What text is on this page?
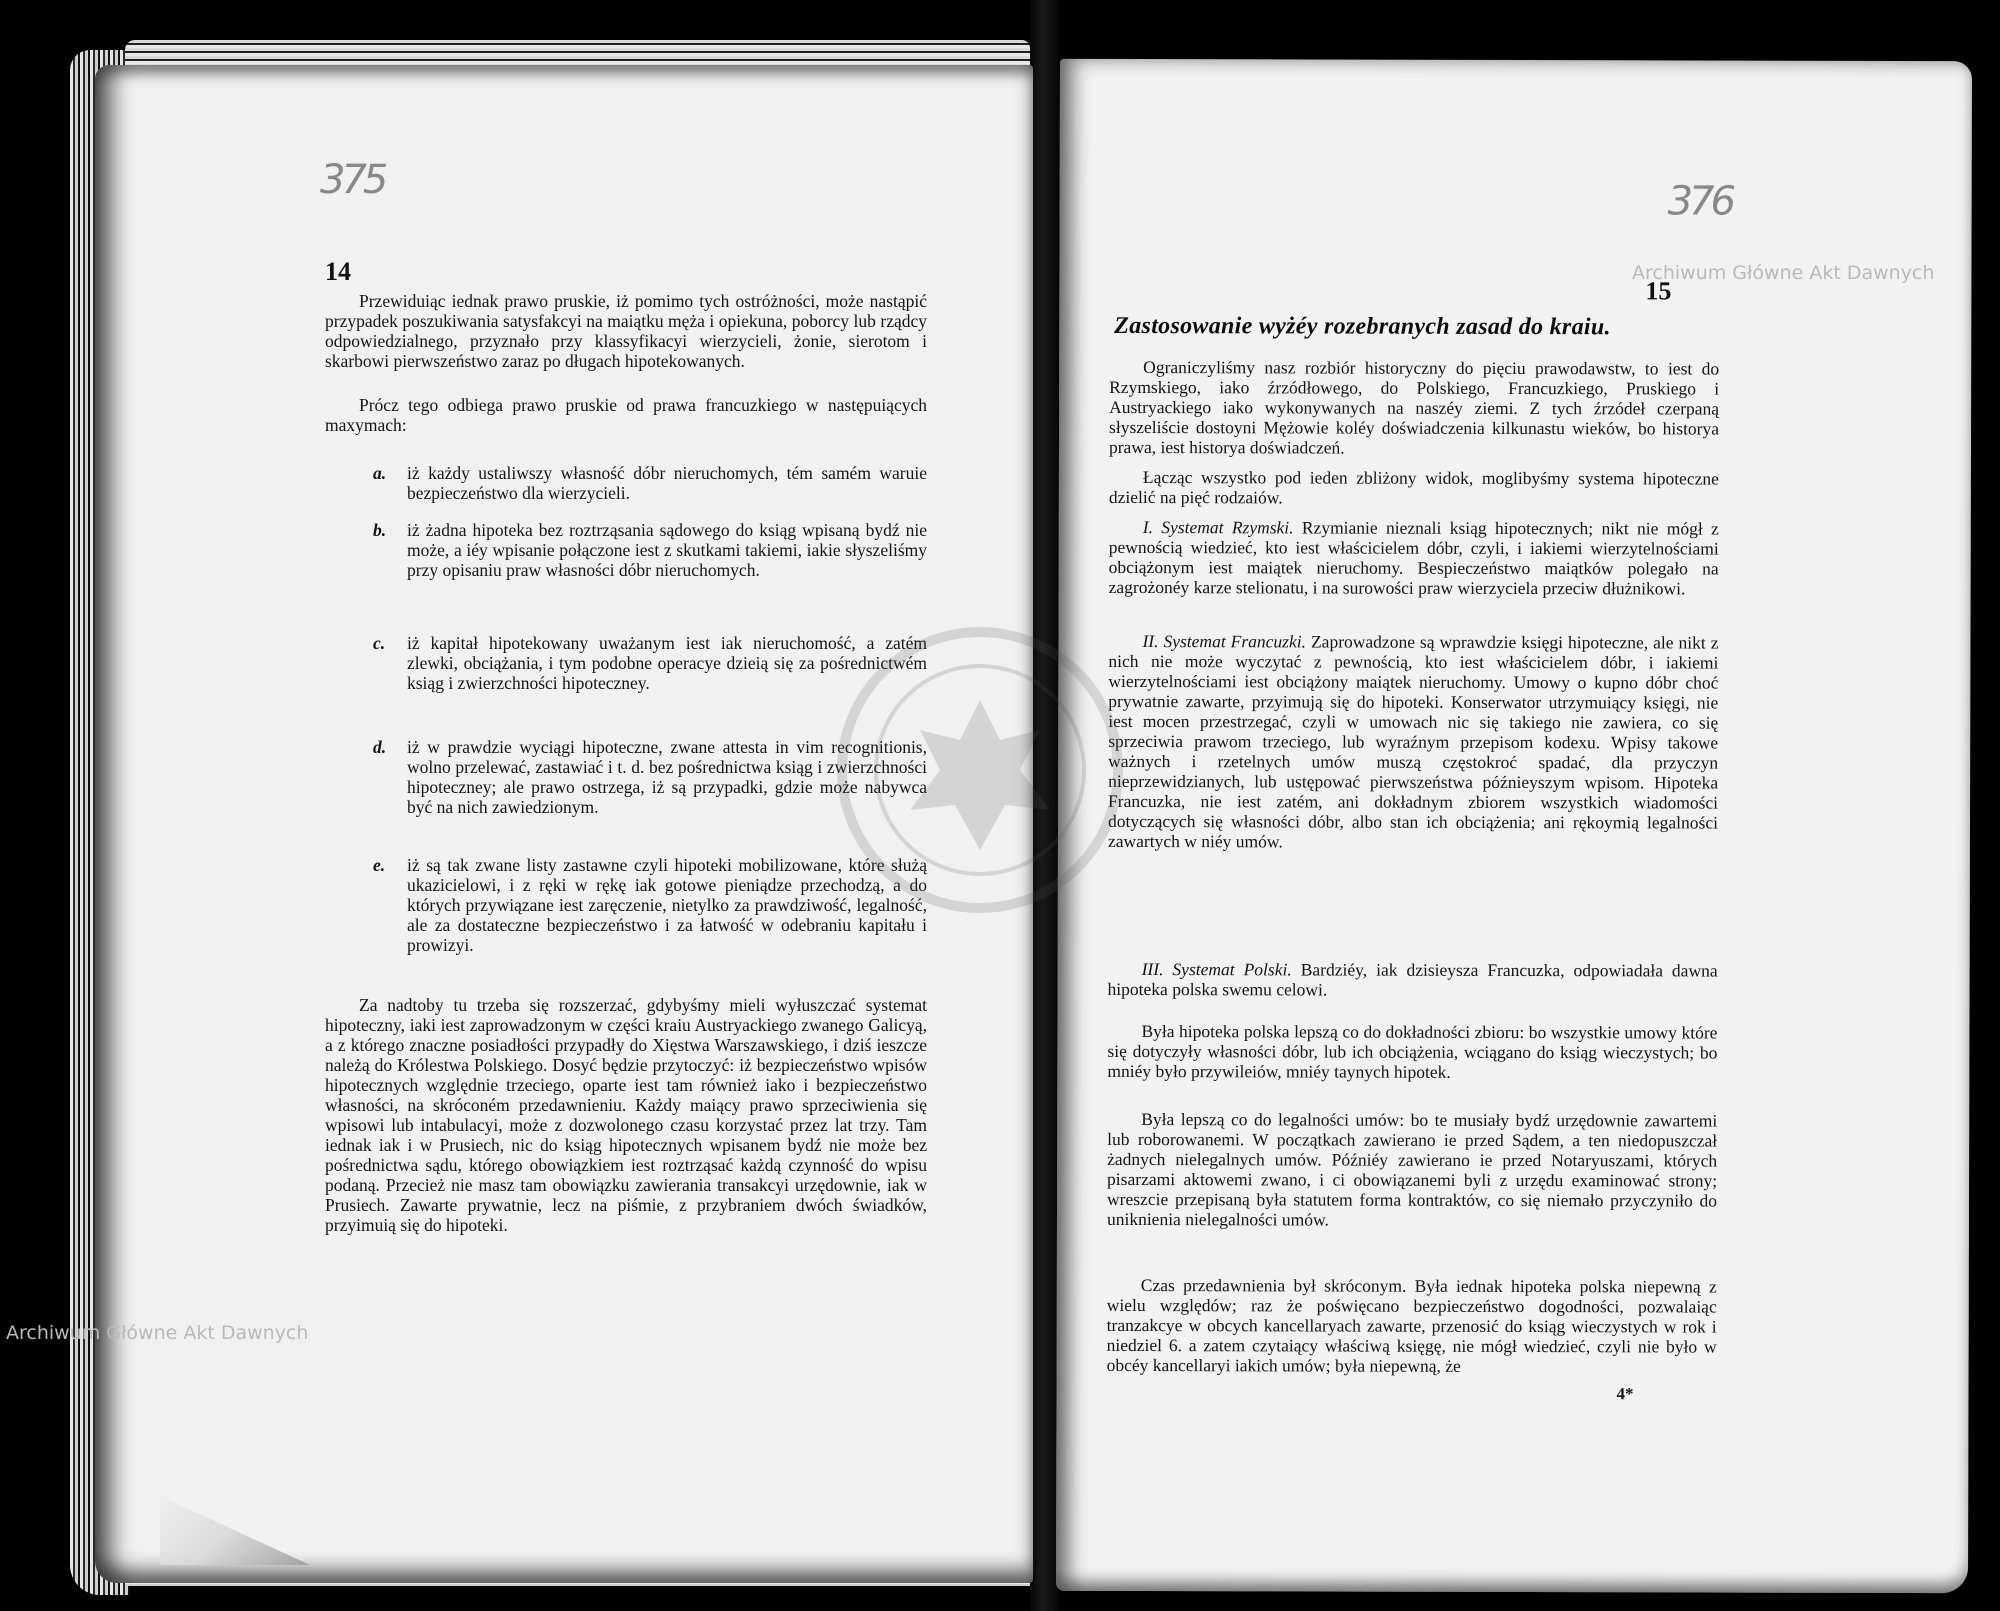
375
14

Przewiduiąc iednak prawo pruskie, iż pomimo tych ostróżności, może nastąpić przypadek poszukiwania satysfakcyi na maiątku męża i opiekuna, poborcy lub rządcy odpowiedzialnego, przyznało przy klassyfikacyi wierzycieli, żonie, sierotom i skarbowi pierwszeństwo zaraz po długach hipotekowanych.

Prócz tego odbiega prawo pruskie od prawa francuzkiego w następuiących maxymach:

a. iż każdy ustaliwszy własność dóbr nieruchomych, tém samém waruie bezpieczeństwo dla wierzycieli.
b. iż żadna hipoteka bez roztrząsania sądowego do ksiąg wpisaną bydź nie może, a iéy wpisanie połączone iest z skutkami takiemi, iakie słyszeliśmy przy opisaniu praw własności dóbr nieruchomych.
c. iż kapitał hipotekowany uważanym iest iak nieruchomość, a zatém zlewki, obciążania, i tym podobne operacye dzieią się za pośrednictwém ksiąg i zwierzchności hipoteczney.
d. iż w prawdzie wyciągi hipoteczne, zwane attesta in vim recognitionis, wolno przelewać, zastawiać i t. d. bez pośrednictwa ksiąg i zwierzchności hipoteczney; ale prawo ostrzega, iż są przypadki, gdzie może nabywca być na nich zawiedzionym.
e. iż są tak zwane listy zastawne czyli hipoteki mobilizowane, które służą ukazicielowi, i z ręki w rękę iak gotowe pieniądze przechodzą, a do których przywiązane iest zaręczenie, nietylko za prawdziwość, legalność, ale za dostateczne bezpieczeństwo i za łatwość w odebraniu kapitału i prowizyi.

Za nadtoby tu trzeba się rozszerzać, gdybyśmy mieli wyłuszczać systemat hipoteczny, iaki iest zaprowadzonym w części kraiu Austryackiego zwanego Galicyą, a z którego znaczne posiadłości przypadły do Xięstwa Warszawskiego, i dziś ieszcze należą do Królestwa Polskiego. Dosyć będzie przytoczyć: iż bezpieczeństwo wpisów hipotecznych względnie trzeciego, oparte iest tam również iako i bezpieczeństwo własności, na skróconém przedawnieniu. Każdy maiący prawo sprzeciwienia się wpisowi lub intabulacyi, może z dozwolonego czasu korzystać przez lat trzy. Tam iednak iak i w Prusiech, nic do ksiąg hipotecznych wpisanem bydź nie może bez pośrednictwa sądu, którego obowiązkiem iest roztrząsać każdą czynność do wpisu podaną. Przecież nie masz tam obowiązku zawierania transakcyi urzędownie, iak w Prusiech. Zawarte prywatnie, lecz na piśmie, z przybraniem dwóch świadków, przyimuią się do hipoteki.

376
15
Zastosowanie wyżéy rozebranych zasad do kraiu.

Ograniczyliśmy nasz rozbiór historyczny do pięciu prawodawstw, to iest do Rzymskiego, iako źrzódłowego, do Polskiego, Francuzkiego, Pruskiego i Austryackiego iako wykonywanych na naszéy ziemi. Z tych źrzódeł czerpaną słyszeliście dostoyni Mężowie koléy doświadczenia kilkunastu wieków, bo historya prawa, iest historya doświadczeń.

Łącząc wszystko pod ieden zbliżony widok, moglibyśmy systema hipoteczne dzielić na pięć rodzaiów.

I. Systemat Rzymski. Rzymianie nieznali ksiąg hipotecznych; nikt nie mógł z pewnością wiedzieć, kto iest właścicielem dóbr, czyli, i iakiemi wierzytelnościami obciążonym iest maiątek nieruchomy. Bespieczeństwo maiątków polegało na zagrożonéy karze stelionatu, i na surowości praw wierzyciela przeciw dłużnikowi.

II. Systemat Francuzki. Zaprowadzone są wprawdzie księgi hipoteczne, ale nikt z nich nie może wyczytać z pewnością, kto iest właścicielem dóbr, i iakiemi wierzytelnościami iest obciążony maiątek nieruchomy. Umowy o kupno dóbr choć prywatnie zawarte, przyimują się do hipoteki. Konserwator utrzymuiący księgi, nie iest mocen przestrzegać, czyli w umowach nic się takiego nie zawiera, co się sprzeciwia prawom trzeciego, lub wyraźnym przepisom kodexu. Wpisy takowe ważnych i rzetelnych umów muszą częstokroć spadać, dla przyczyn nieprzewidzianych, lub ustępować pierwszeństwa późnieyszym wpisom. Hipoteka Francuzka, nie iest zatém, ani dokładnym zbiorem wszystkich wiadomości dotyczących się własności dóbr, albo stan ich obciążenia; ani rękoymią legalności zawartych w niéy umów.

III. Systemat Polski. Bardziéy, iak dzisieysza Francuzka, odpowiadała dawna hipoteka polska swemu celowi.

Była hipoteka polska lepszą co do dokładności zbioru: bo wszystkie umowy które się dotyczyły własności dóbr, lub ich obciążenia, wciągano do ksiąg wieczystych; bo mniéy było przywileiów, mniéy taynych hipotek.

Była lepszą co do legalności umów: bo te musiały bydź urzędownie zawartemi lub roborowanemi. W początkach zawierano ie przed Sądem, a ten niedopuszczał żadnych nielegalnych umów. Późniéy zawierano ie przed Notaryuszami, których pisarzami aktowemi zwano, i ci obowiązanemi byli z urzędu examinować strony; wreszcie przepisaną była statutem forma kontraktów, co się niemało przyczyniło do uniknienia nielegalności umów.

Czas przedawnienia był skróconym. Była iednak hipoteka polska niepewną z wielu względów; raz że poświęcano bezpieczeństwo dogodności, pozwalaiąc tranzakcye w obcych kancellaryach zawarte, przenosić do ksiąg wieczystych w rok i niedziel 6. a zatem czytaiący właściwą księgę, nie mógł wiedzieć, czyli nie było w obcéy kancellaryi iakich umów; była niepewną, że

4*
Archiwum Główne Akt Dawnych
Archiwum Główne Akt Dawnych
